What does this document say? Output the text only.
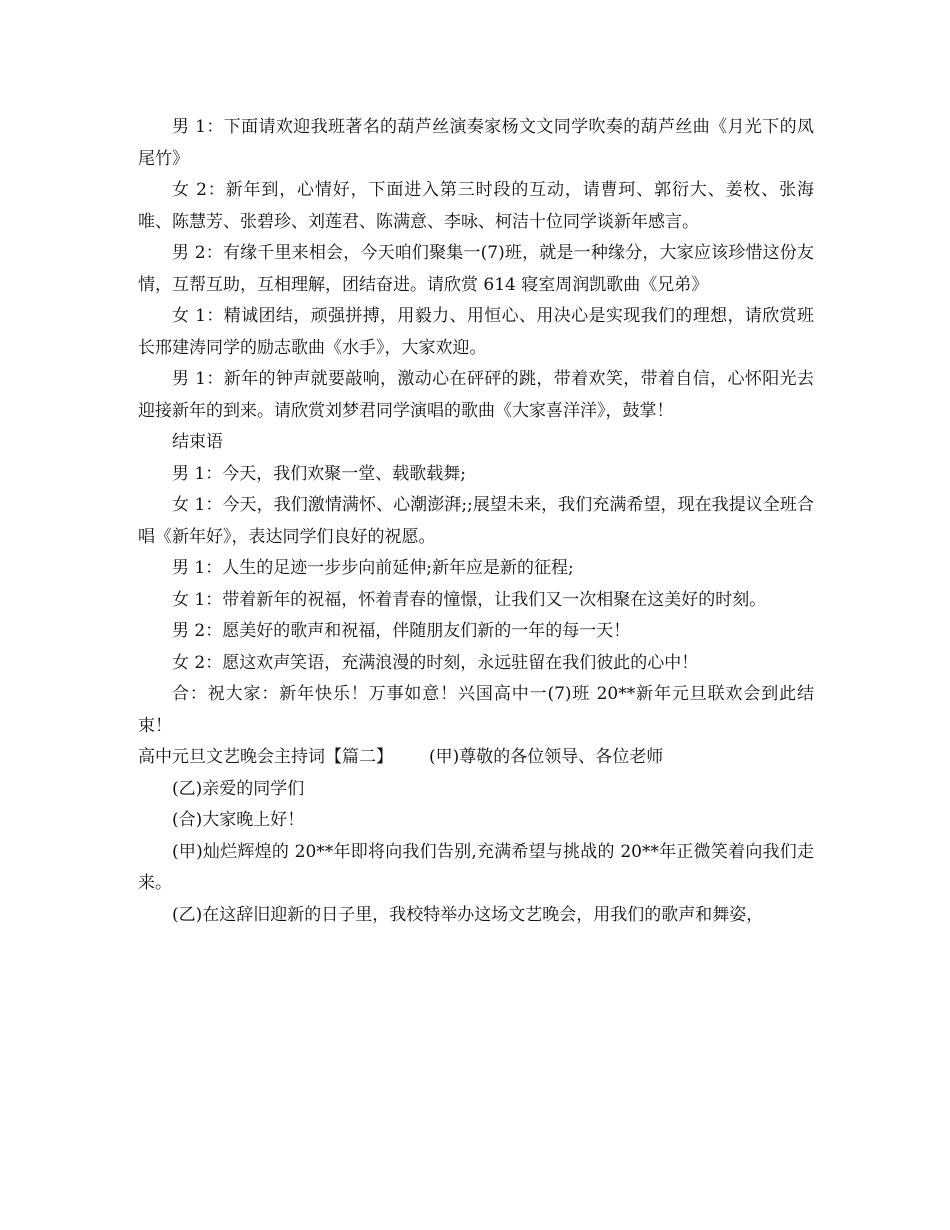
男 1：下面请欢迎我班著名的葫芦丝演奏家杨文文同学吹奏的葫芦丝曲《月光下的凤尾竹》

女 2：新年到，心情好，下面进入第三时段的互动，请曹珂、郭衍大、姜枚、张海唯、陈慧芳、张碧珍、刘莲君、陈满意、李咏、柯洁十位同学谈新年感言。

男 2：有缘千里来相会，今天咱们聚集一(7)班，就是一种缘分，大家应该珍惜这份友情，互帮互助，互相理解，团结奋进。请欣赏 614 寝室周润凯歌曲《兄弟》

女 1：精诚团结，顽强拼搏，用毅力、用恒心、用决心是实现我们的理想，请欣赏班长邢建涛同学的励志歌曲《水手》，大家欢迎。

男 1：新年的钟声就要敲响，激动心在砰砰的跳，带着欢笑，带着自信，心怀阳光去迎接新年的到来。请欣赏刘梦君同学演唱的歌曲《大家喜洋洋》，鼓掌！

结束语

男 1：今天，我们欢聚一堂、载歌载舞;

女 1：今天，我们激情满怀、心潮澎湃;;展望未来，我们充满希望，现在我提议全班合唱《新年好》，表达同学们良好的祝愿。

男 1：人生的足迹一步步向前延伸;新年应是新的征程;

女 1：带着新年的祝福，怀着青春的憧憬，让我们又一次相聚在这美好的时刻。

男 2：愿美好的歌声和祝福，伴随朋友们新的一年的每一天！

女 2：愿这欢声笑语，充满浪漫的时刻，永远驻留在我们彼此的心中！

合：祝大家：新年快乐！万事如意！兴国高中一(7)班 20**新年元旦联欢会到此结束！

高中元旦文艺晚会主持词【篇二】 (甲)尊敬的各位领导、各位老师

(乙)亲爱的同学们

(合)大家晚上好！

(甲)灿烂辉煌的 20**年即将向我们告别,充满希望与挑战的 20**年正微笑着向我们走来。

(乙)在这辞旧迎新的日子里，我校特举办这场文艺晚会，用我们的歌声和舞姿，
